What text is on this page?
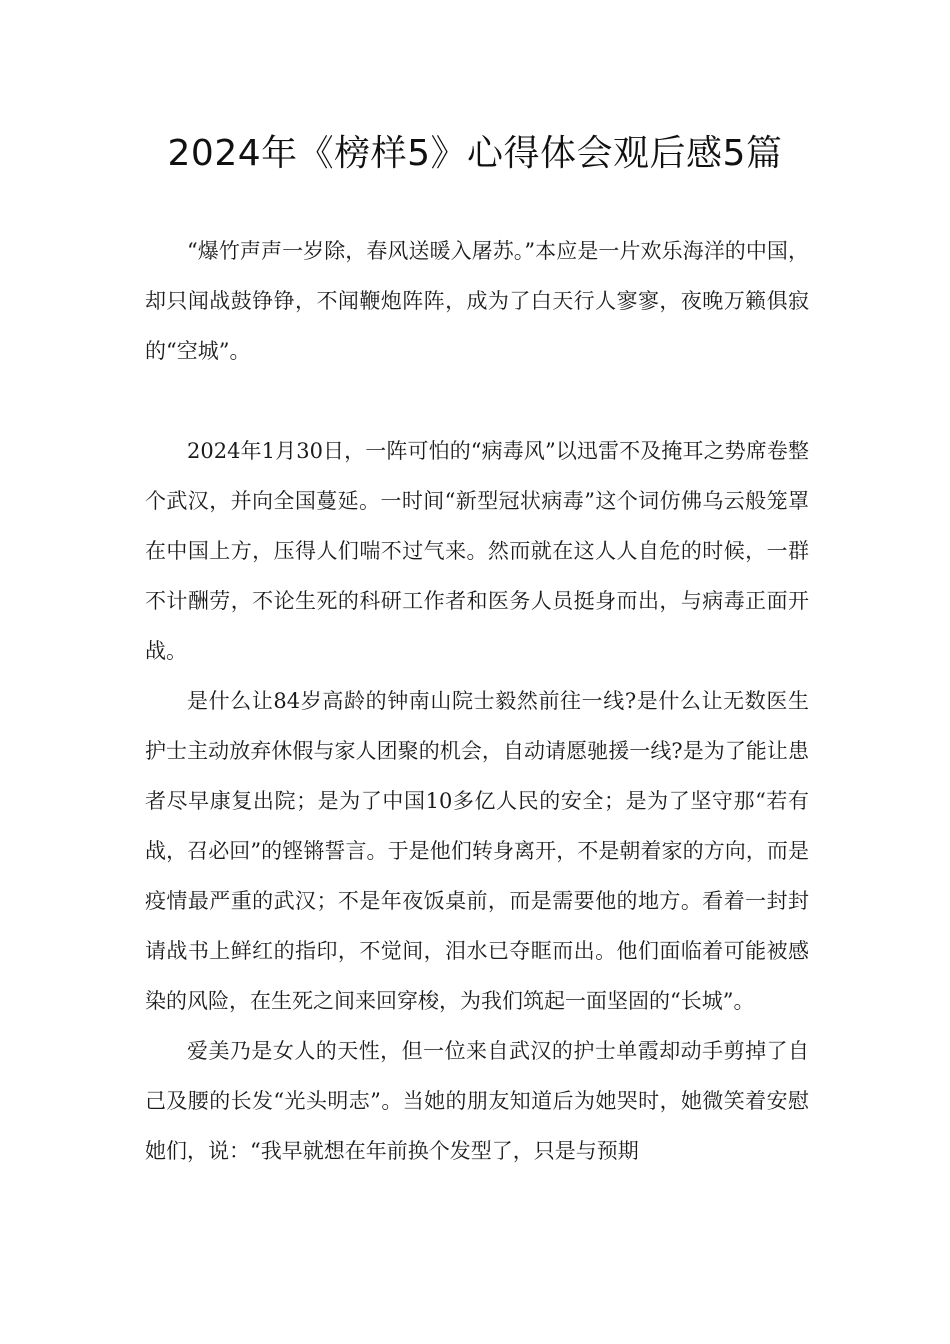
2024年《榜样5》心得体会观后感5篇

“爆竹声声一岁除，春风送暖入屠苏。”本应是一片欢乐海洋的中国，却只闻战鼓铮铮，不闻鞭炮阵阵，成为了白天行人寥寥，夜晚万籁俱寂的“空城”。

2024年1月30日，一阵可怕的“病毒风”以迅雷不及掩耳之势席卷整个武汉，并向全国蔓延。一时间“新型冠状病毒”这个词仿佛乌云般笼罩在中国上方，压得人们喘不过气来。然而就在这人人自危的时候，一群不计酬劳，不论生死的科研工作者和医务人员挺身而出，与病毒正面开战。

是什么让84岁高龄的钟南山院士毅然前往一线?是什么让无数医生护士主动放弃休假与家人团聚的机会，自动请愿驰援一线?是为了能让患者尽早康复出院；是为了中国10多亿人民的安全；是为了坚守那“若有战，召必回”的铿锵誓言。于是他们转身离开，不是朝着家的方向，而是疫情最严重的武汉；不是年夜饭桌前，而是需要他的地方。看着一封封请战书上鲜红的指印，不觉间，泪水已夺眶而出。他们面临着可能被感染的风险，在生死之间来回穿梭，为我们筑起一面坚固的“长城”。

爱美乃是女人的天性，但一位来自武汉的护士单霞却动手剪掉了自己及腰的长发“光头明志”。当她的朋友知道后为她哭时，她微笑着安慰她们，说：“我早就想在年前换个发型了，只是与预期
